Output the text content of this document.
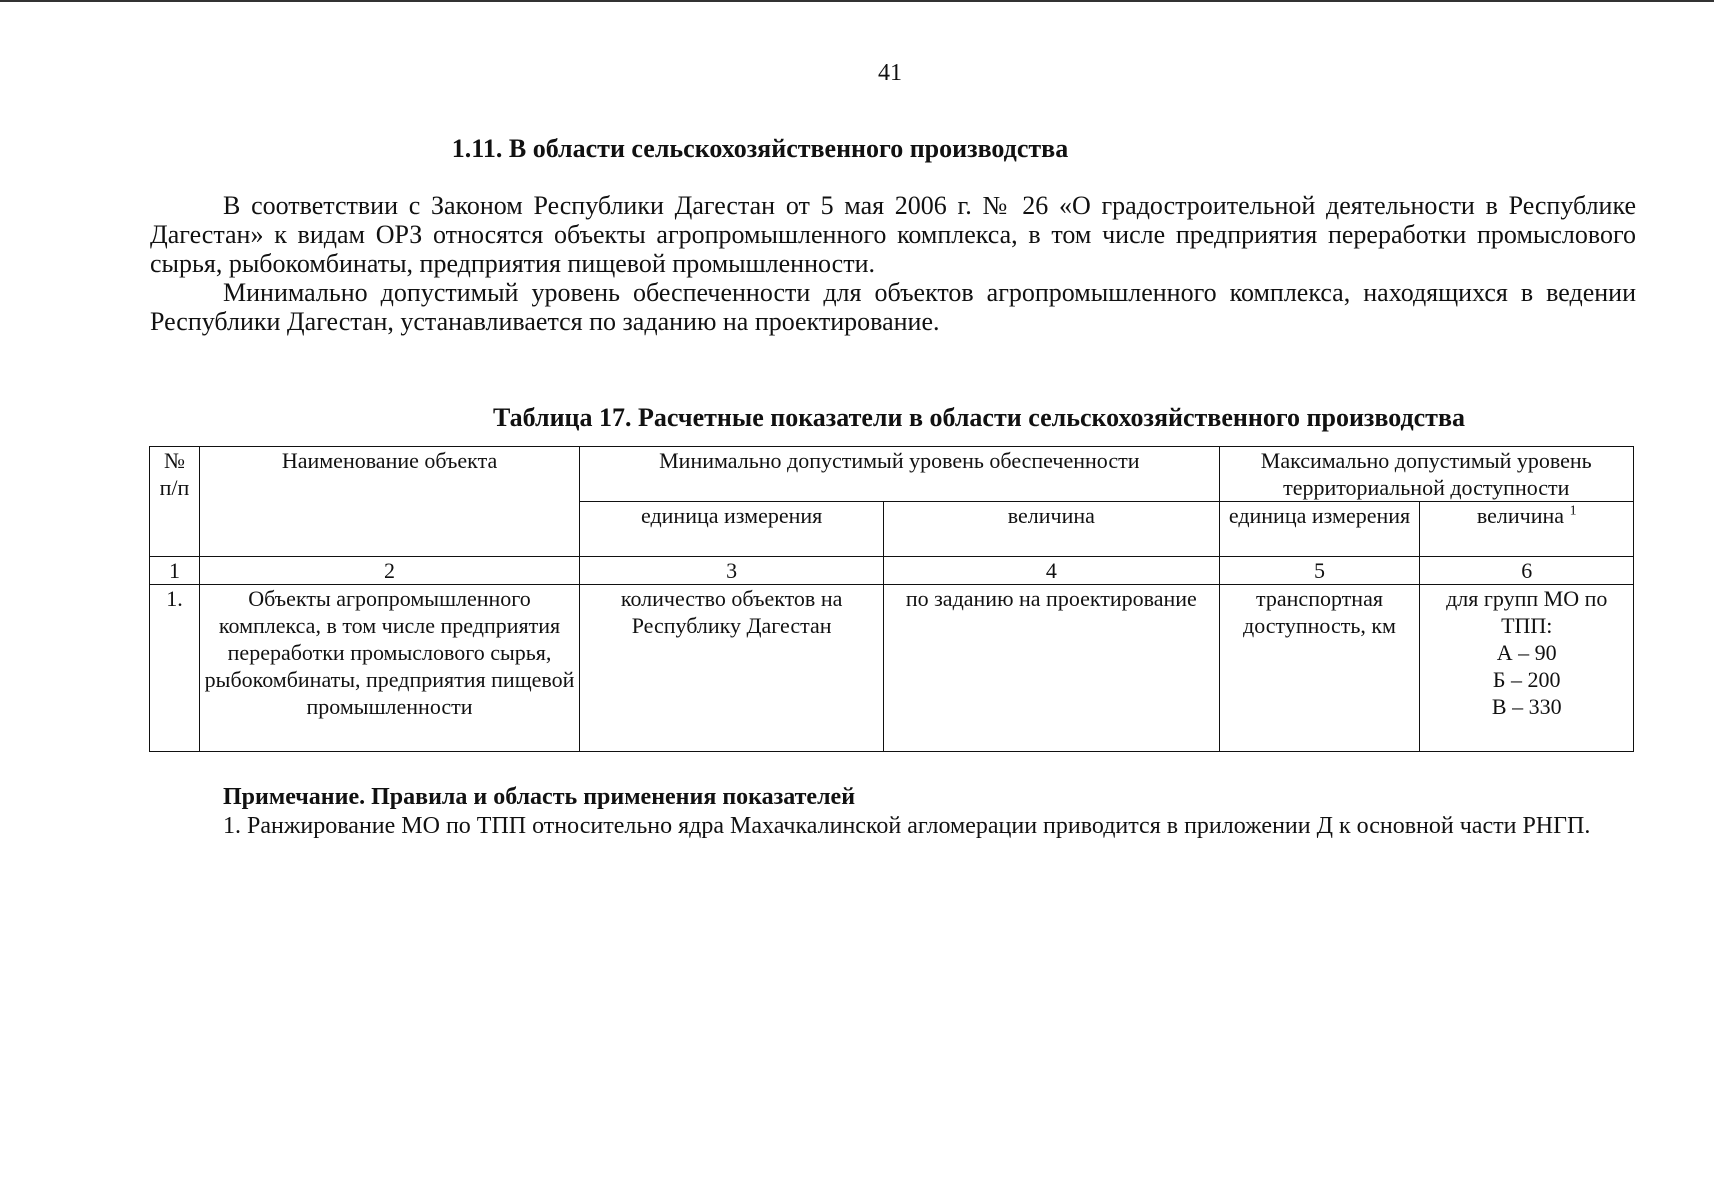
41
1.11. В области сельскохозяйственного производства

В соответствии с Законом Республики Дагестан от 5 мая 2006 г. № 26 «О градостроительной деятельности в Республике Дагестан» к видам ОРЗ относятся объекты агропромышленного комплекса, в том числе предприятия переработки промыслового сырья, рыбокомбинаты, предприятия пищевой промышленности.

Минимально допустимый уровень обеспеченности для объектов агропромышленного комплекса, находящихся в ведении Республики Дагестан, устанавливается по заданию на проектирование.

Таблица 17. Расчетные показатели в области сельскохозяйственного производства
№ п/п	Наименование объекта	Минимально допустимый уровень обеспеченности		Максимально допустимый уровень территориальной доступности	
		единица измерения	величина	единица измерения	величина $^1$
1	2	3	4	5	6
1.	Объекты агропромышленного комплекса, в том числе предприятия переработки промыслового сырья, рыбокомбинаты, предприятия пищевой промышленности	количество объектов на Республику Дагестан	по заданию на проектирование	транспортная доступность, км	для групп МО по ТПП:
А – 90
Б – 200
В – 330
Примечание. Правила и область применения показателей
1. Ранжирование МО по ТПП относительно ядра Махачкалинской агломерации приводится в приложении Д к основной части РНГП.
